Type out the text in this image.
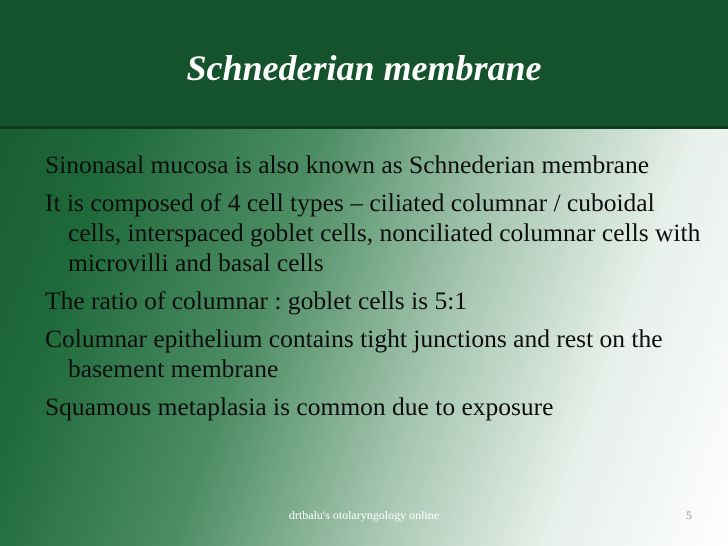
Schnederian membrane
Sinonasal mucosa is also known as Schnederian membrane
It is composed of 4 cell types – ciliated columnar / cuboidal cells, interspaced goblet cells, nonciliated columnar cells with microvilli and basal cells
The ratio of columnar : goblet cells is 5:1
Columnar epithelium contains tight junctions and rest on the basement membrane
Squamous metaplasia is common due to exposure
drtbalu's otolaryngology online	5
